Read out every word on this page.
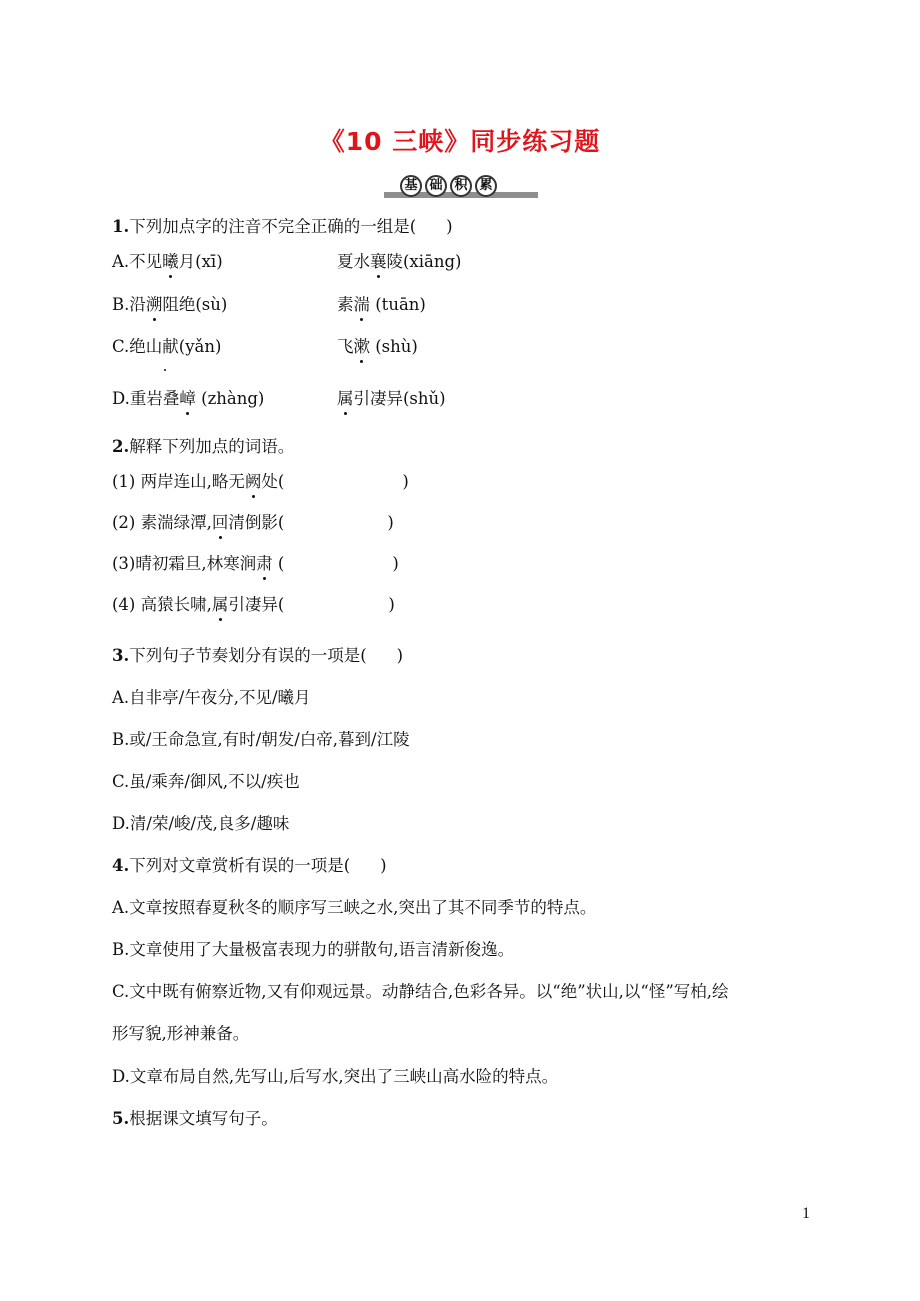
《10 三峡》同步练习题
基 础 积 累
1.下列加点字的注音不完全正确的一组是( )
A.不见曦月(xī)	夏水襄陵(xiāng)
B.沿溯阻绝(sù)	素湍 (tuān)
C.绝山献(yǎn)	飞漱 (shù)
D.重岩叠嶂 (zhàng)	属引凄异(shǔ)
2.解释下列加点的词语。
(1) 两岸连山,略无阙处(	)
(2) 素湍绿潭,回清倒影(	)
(3)晴初霜旦,林寒涧肃 (	)
(4) 高猿长啸,属引凄异(	)
3.下列句子节奏划分有误的一项是( )
A.自非亭/午夜分,不见/曦月
B.或/王命急宣,有时/朝发/白帝,暮到/江陵
C.虽/乘奔/御风,不以/疾也
D.清/荣/峻/茂,良多/趣味
4.下列对文章赏析有误的一项是( )
A.文章按照春夏秋冬的顺序写三峡之水,突出了其不同季节的特点。
B.文章使用了大量极富表现力的骈散句,语言清新俊逸。
C.文中既有俯察近物,又有仰观远景。动静结合,色彩各异。以“绝”状山,以“怪”写柏,绘
形写貌,形神兼备。
D.文章布局自然,先写山,后写水,突出了三峡山高水险的特点。
5.根据课文填写句子。
1
